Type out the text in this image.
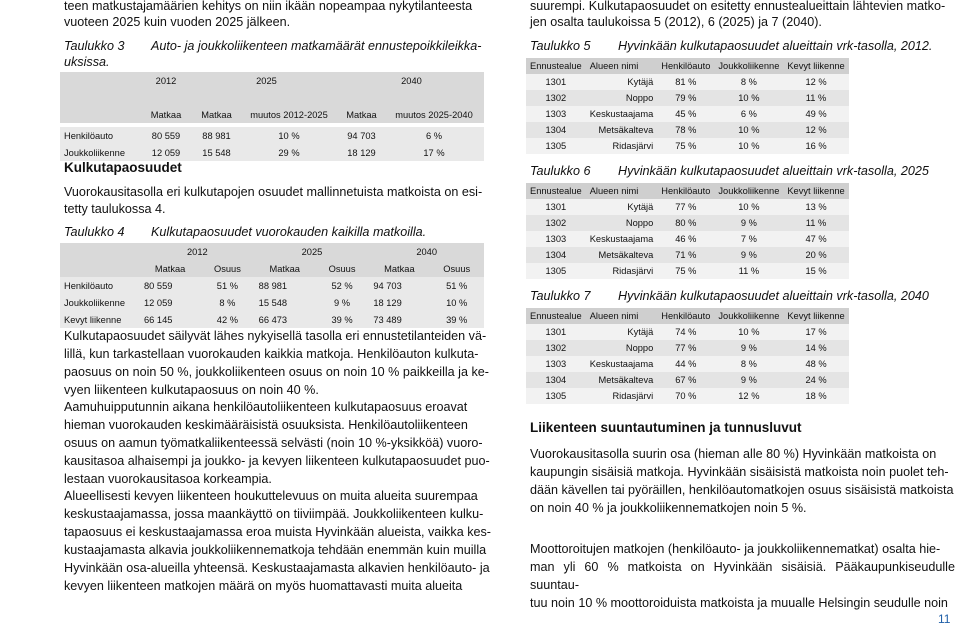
teen matkustajamäärien kehitys on niin ikään nopeampaa nykytilanteesta

vuoteen 2025 kuin vuoden 2025 jälkeen.

Taulukko 3	Auto- ja joukkoliikenteen matkamäärät ennustepoikkileikka-
uksissa.
	2012	2025		2040	

	Matkaa	Matkaa	muutos 2012-2025	Matkaa	muutos 2025-2040

Henkilöauto	80 559	88 981	10 %	94 703	6 %
Joukkoliikenne	12 059	15 548	29 %	18 129	17 %
Kulkutapaosuudet

Vuorokausitasolla eri kulkutapojen osuudet mallinnetuista matkoista on esi-

tetty taulukossa 4.

Taulukko 4	Kulkutapaosuudet vuorokauden kaikilla matkoilla.
	2012		2025		2040	
	Matkaa	Osuus	Matkaa	Osuus	Matkaa	Osuus
Henkilöauto	80 559	51 %	88 981	52 %	94 703	51 %
Joukkoliikenne	12 059	8 %	15 548	9 %	18 129	10 %
Kevyt liikenne	66 145	42 %	66 473	39 %	73 489	39 %

Kulkutapaosuudet säilyvät lähes nykyisellä tasolla eri ennustetilanteiden vä-

lillä, kun tarkastellaan vuorokauden kaikkia matkoja. Henkilöauton kulkuta-

paosuus on noin 50 %, joukkoliikenteen osuus on noin 10 % paikkeilla ja ke-

vyen liikenteen kulkutapaosuus on noin 40 %.

Aamuhuipputunnin aikana henkilöautoliikenteen kulkutapaosuus eroavat

hieman vuorokauden keskimääräisistä osuuksista. Henkilöautoliikenteen

osuus on aamun työmatkaliikenteessä selvästi (noin 10 %-yksikköä) vuoro-

kausitasoa alhaisempi ja joukko- ja kevyen liikenteen kulkutapaosuudet puo-

lestaan vuorokausitasoa korkeampia.

Alueellisesti kevyen liikenteen houkuttelevuus on muita alueita suurempaa

keskustaajamassa, jossa maankäyttö on tiiviimpää. Joukkoliikenteen kulku-

tapaosuus ei keskustaajamassa eroa muista Hyvinkään alueista, vaikka kes-

kustaajamasta alkavia joukkoliikennematkoja tehdään enemmän kuin muilla

Hyvinkään osa-alueilla yhteensä. Keskustaajamasta alkavien henkilöauto- ja

kevyen liikenteen matkojen määrä on myös huomattavasti muita alueita

suurempi. Kulkutapaosuudet on esitetty ennustealueittain lähtevien matko-

jen osalta taulukoissa 5 (2012), 6 (2025) ja 7 (2040).

Taulukko 5	Hyvinkään kulkutapaosuudet alueittain vrk-tasolla, 2012.
Ennustealue	Alueen nimi	Henkilöauto	Joukkoliikenne	Kevyt liikenne
1301	Kytäjä	81 %	8 %	12 %
1302	Noppo	79 %	10 %	11 %
1303	Keskustaajama	45 %	6 %	49 %
1304	Metsäkalteva	78 %	10 %	12 %
1305	Ridasjärvi	75 %	10 %	16 %
Taulukko 6	Hyvinkään kulkutapaosuudet alueittain vrk-tasolla, 2025
Ennustealue	Alueen nimi	Henkilöauto	Joukkoliikenne	Kevyt liikenne
1301	Kytäjä	77 %	10 %	13 %
1302	Noppo	80 %	9 %	11 %
1303	Keskustaajama	46 %	7 %	47 %
1304	Metsäkalteva	71 %	9 %	20 %
1305	Ridasjärvi	75 %	11 %	15 %
Taulukko 7	Hyvinkään kulkutapaosuudet alueittain vrk-tasolla, 2040
Ennustealue	Alueen nimi	Henkilöauto	Joukkoliikenne	Kevyt liikenne
1301	Kytäjä	74 %	10 %	17 %
1302	Noppo	77 %	9 %	14 %
1303	Keskustaajama	44 %	8 %	48 %
1304	Metsäkalteva	67 %	9 %	24 %
1305	Ridasjärvi	70 %	12 %	18 %
Liikenteen suuntautuminen ja tunnusluvut

Vuorokausitasolla suurin osa (hieman alle 80 %) Hyvinkään matkoista on

kaupungin sisäisiä matkoja. Hyvinkään sisäisistä matkoista noin puolet teh-

dään kävellen tai pyöräillen, henkilöautomatkojen osuus sisäisistä matkoista

on noin 40 % ja joukkoliikennematkojen noin 5 %.

Moottoroitujen matkojen (henkilöauto- ja joukkoliikennematkat) osalta hie-

man yli 60 % matkoista on Hyvinkään sisäisiä. Pääkaupunkiseudulle suuntau-

tuu noin 10 % moottoroiduista matkoista ja muualle Helsingin seudulle noin

11
